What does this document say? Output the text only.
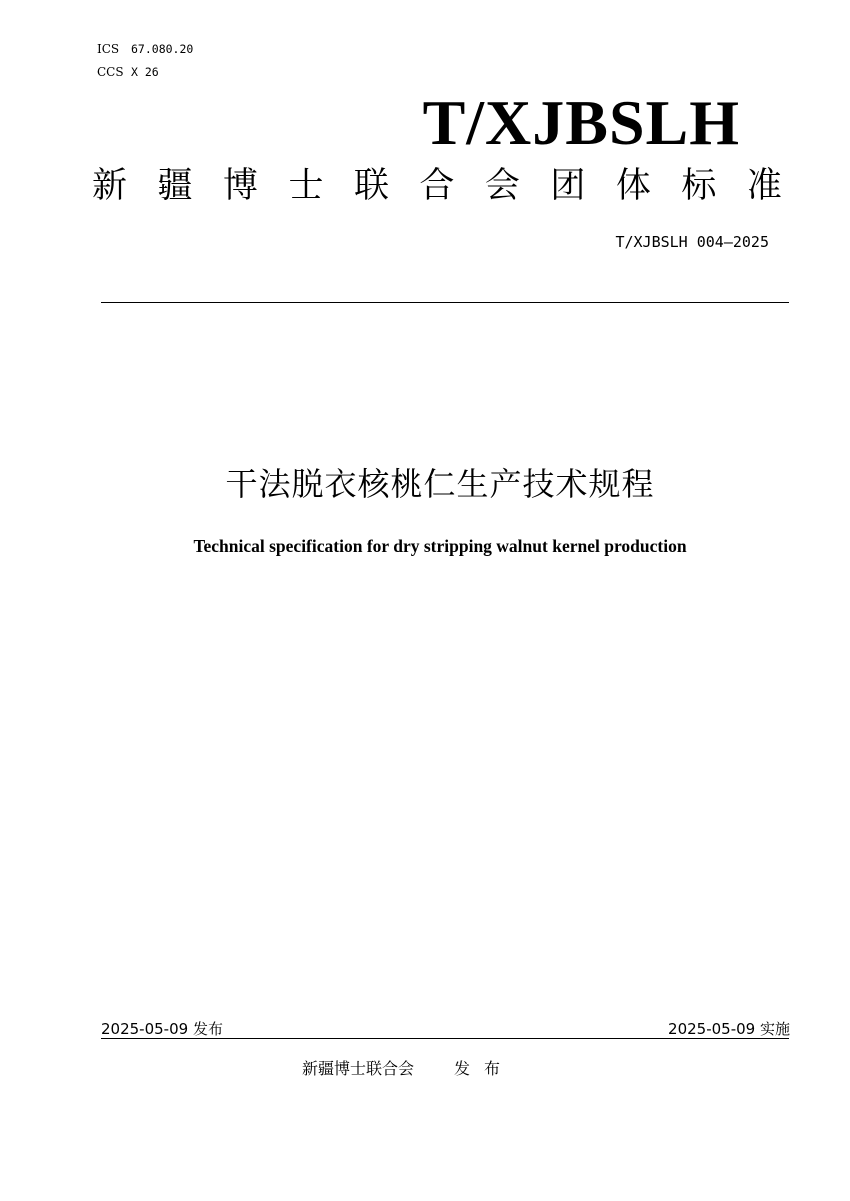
ICS 67.080.20
CCS X 26
T/XJBSLH
新 疆 博 士 联 合 会 团 体 标 准
T/XJBSLH 004—2025
干法脱衣核桃仁生产技术规程
Technical specification for dry stripping walnut kernel production
2025-05-09 发布	2025-05-09 实施
新疆博士联合会	发 布
